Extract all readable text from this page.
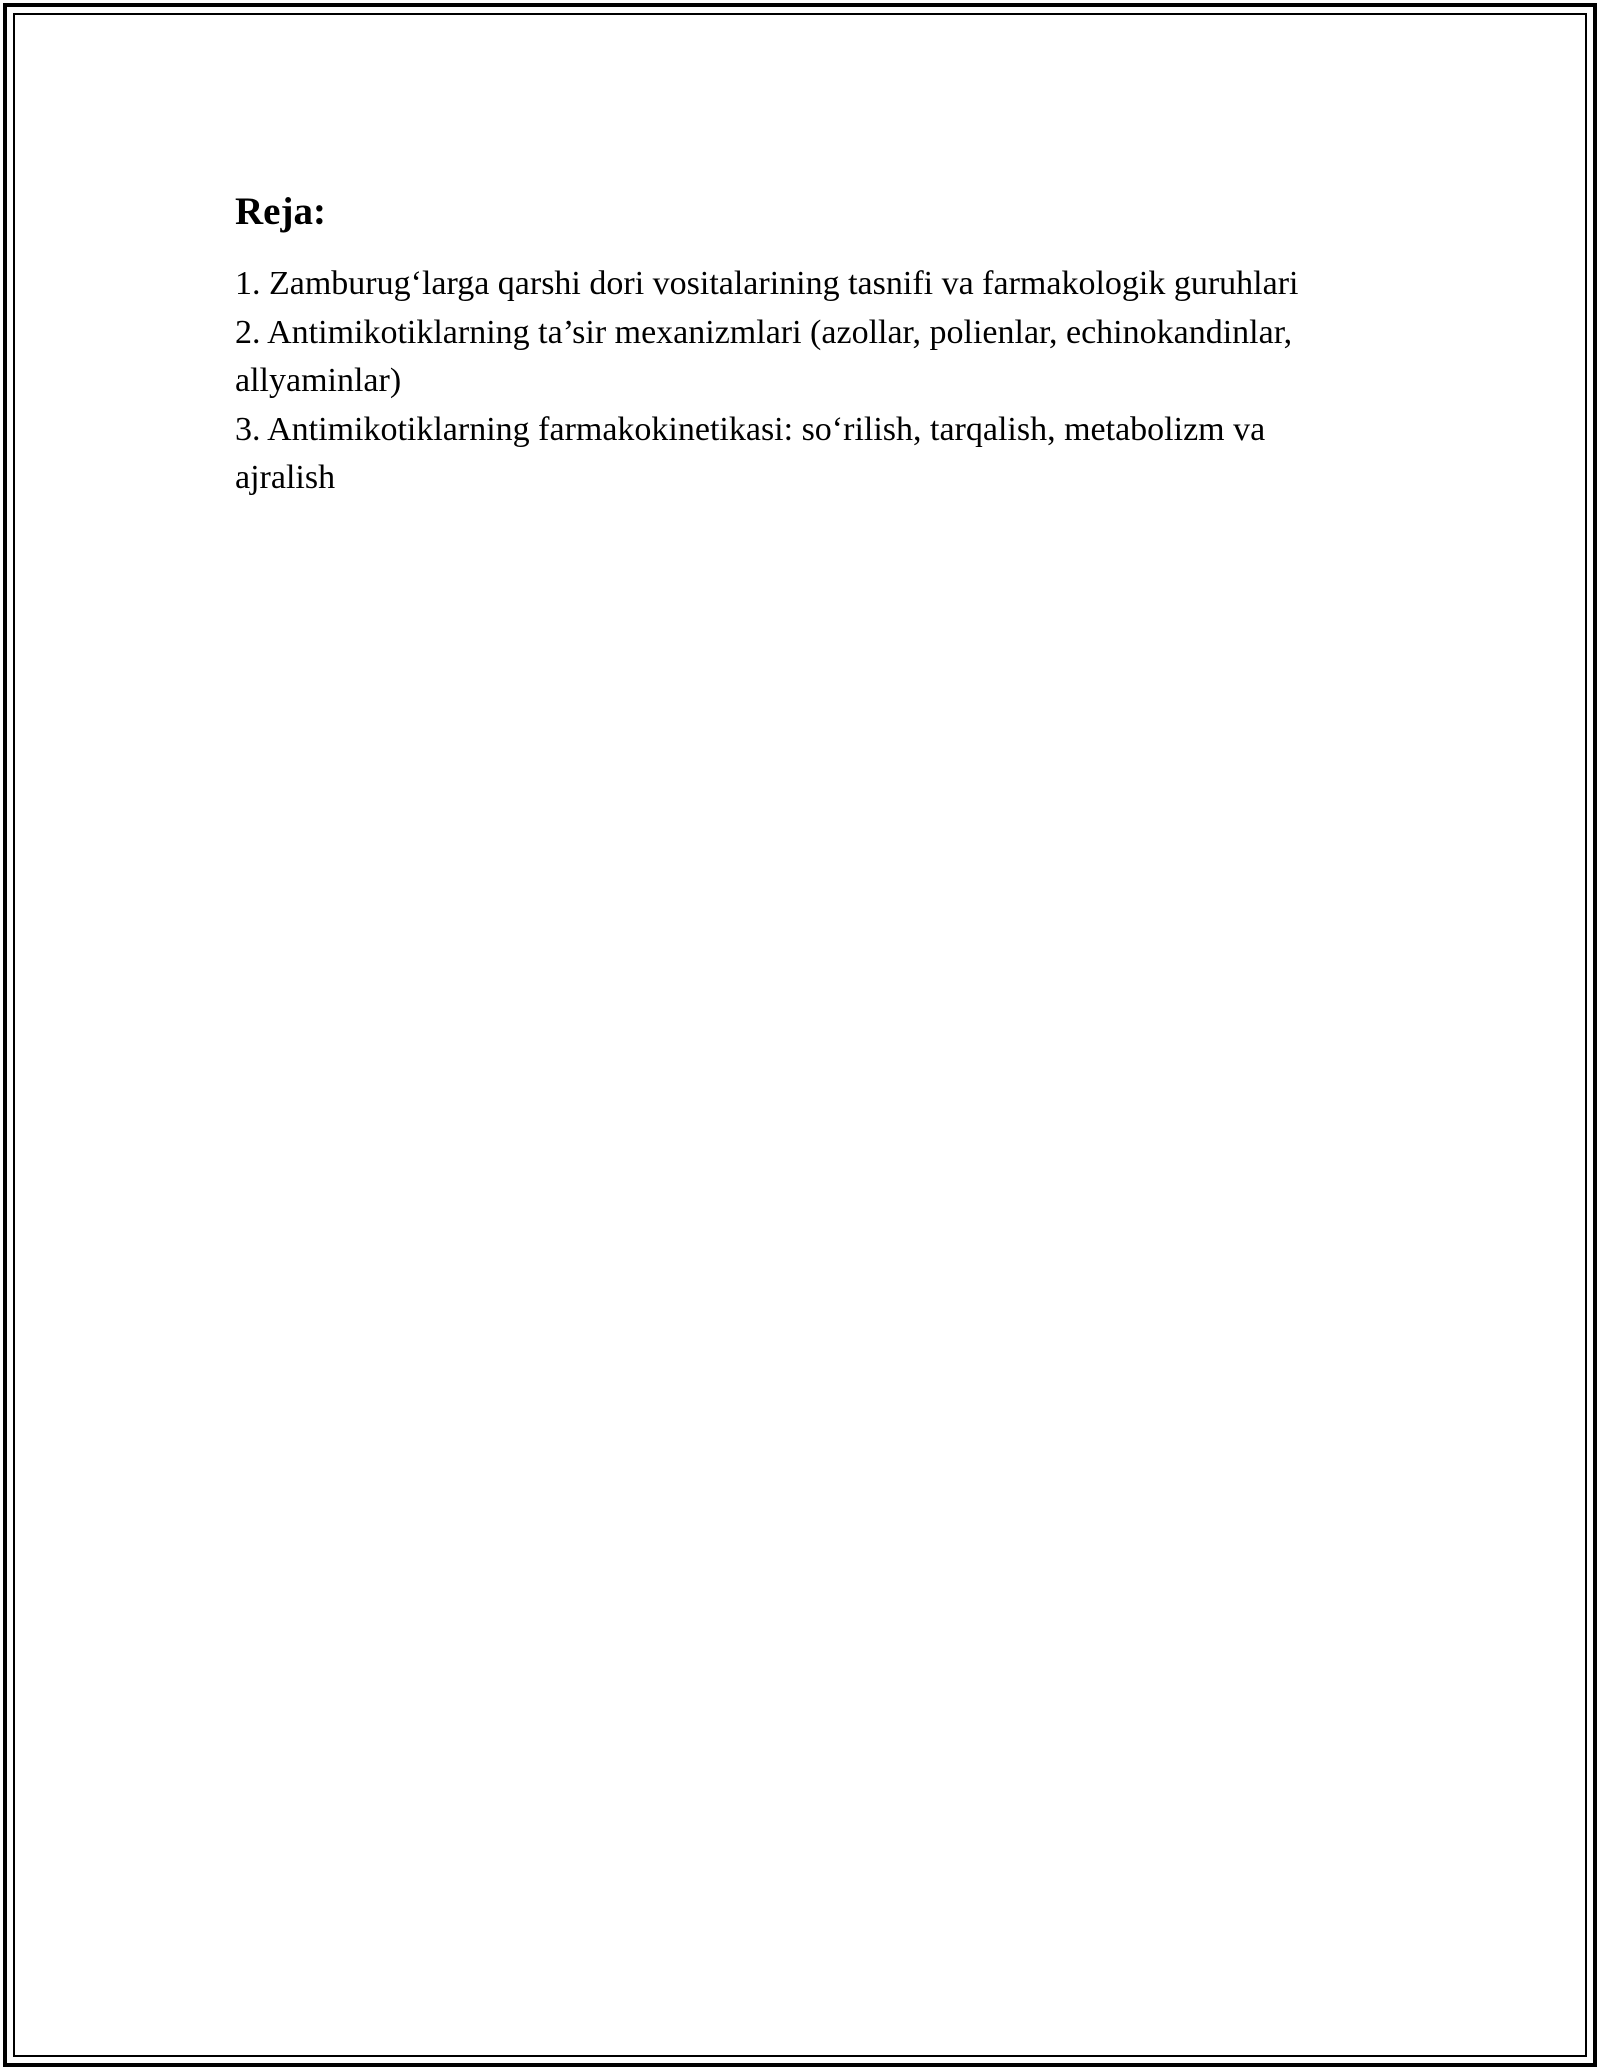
Reja:
1. Zamburug‘larga qarshi dori vositalarining tasnifi va farmakologik guruhlari
2. Antimikotiklarning ta’sir mexanizmlari (azollar, polienlar, echinokandinlar, allyaminlar)
3. Antimikotiklarning farmakokinetikasi: so‘rilish, tarqalish, metabolizm va ajralish
